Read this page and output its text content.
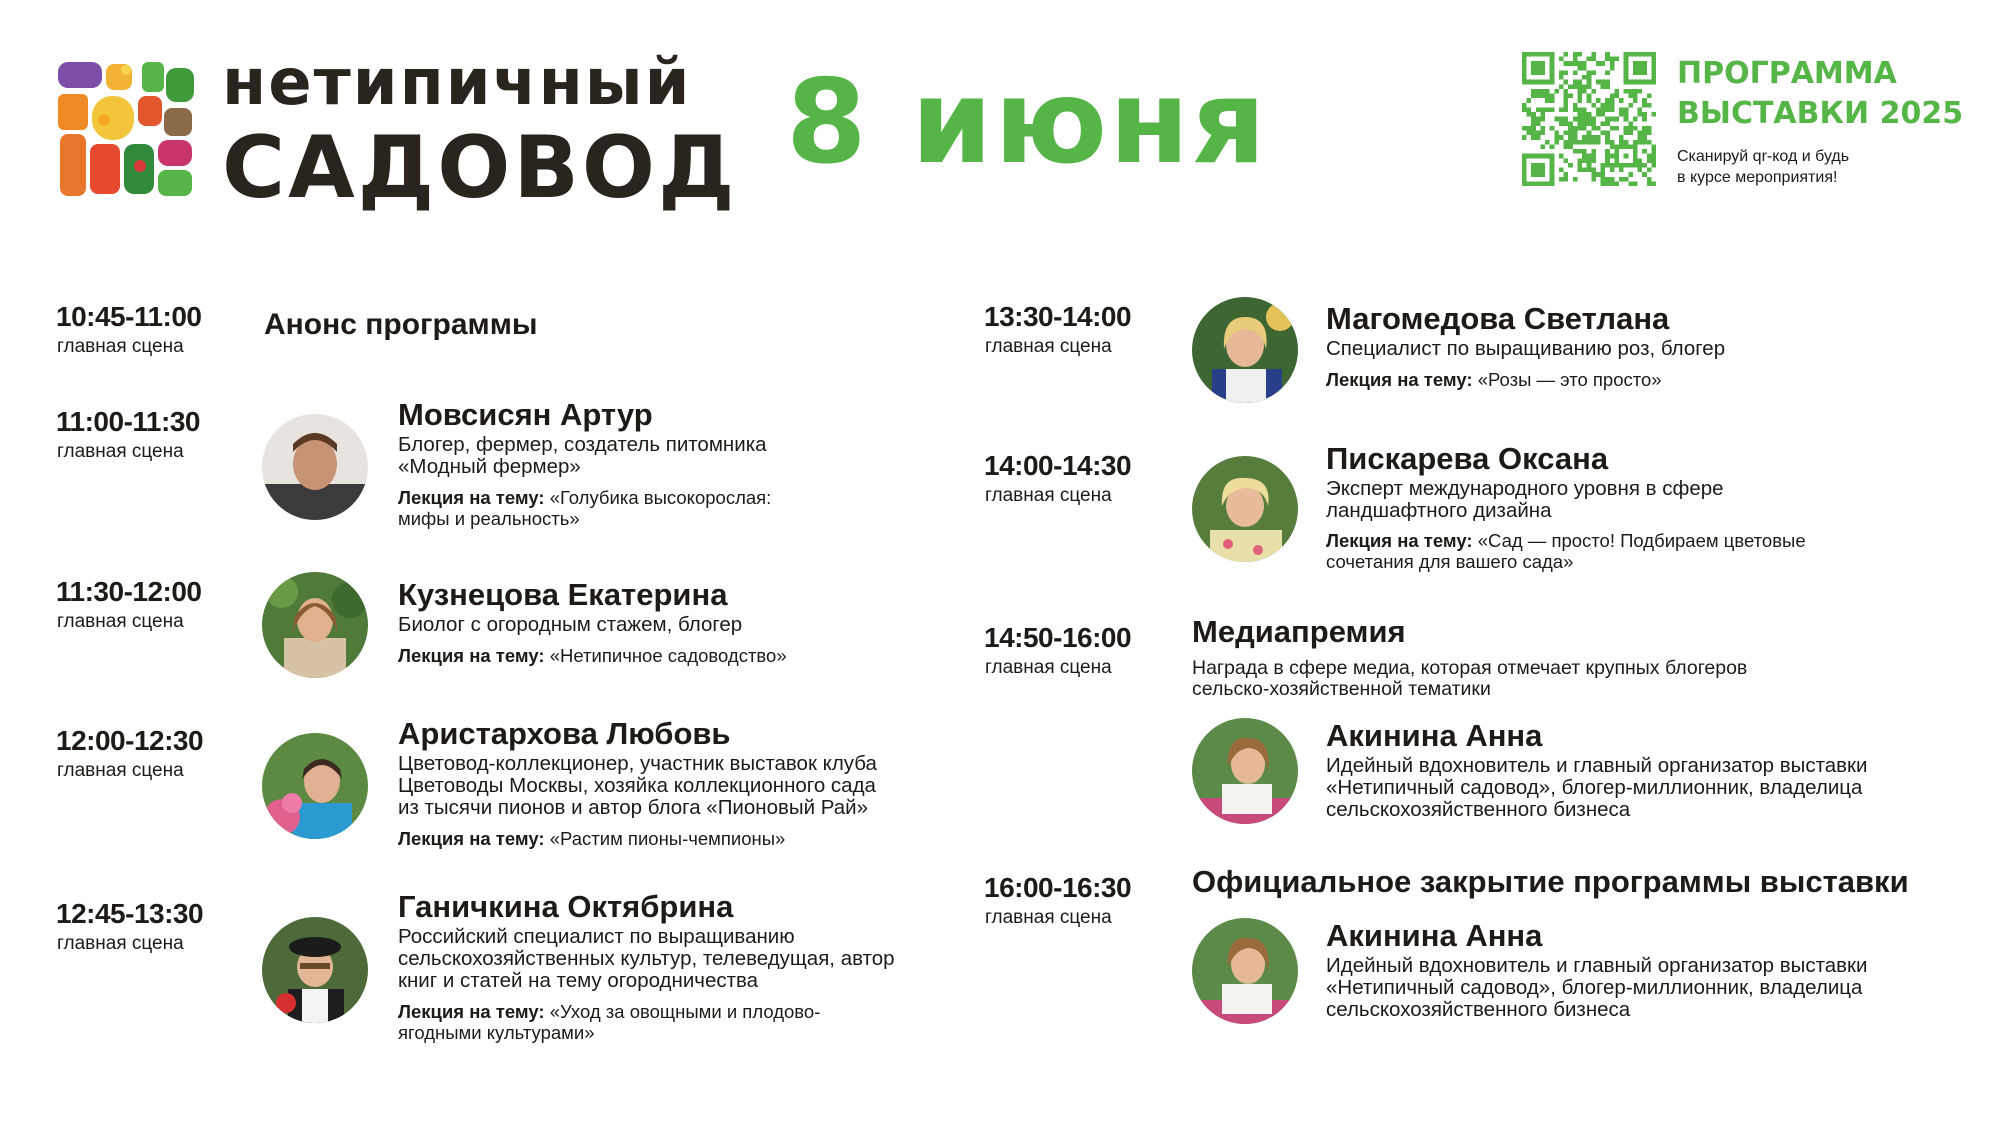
нетипичный
САДОВОД 8 июня	ПРОГРАММА
ВЫСТАВКИ 2025
Сканируй qr-код и будь
в курсе мероприятия!
10:45-11:00
главная сцена
Анонс программы
11:00-11:30
главная сцена
Мовсисян Артур
Блогер, фермер, создатель питомника
«Модный фермер»
Лекция на тему: «Голубика высокорослая:
мифы и реальность»
11:30-12:00
главная сцена
Кузнецова Екатерина
Биолог с огородным стажем, блогер
Лекция на тему: «Нетипичное садоводство»
12:00-12:30
главная сцена
Аристархова Любовь
Цветовод-коллекционер, участник выставок клуба
Цветоводы Москвы, хозяйка коллекционного сада
из тысячи пионов и автор блога «Пионовый Рай»
Лекция на тему: «Растим пионы-чемпионы»
12:45-13:30
главная сцена
Ганичкина Октябрина
Российский специалист по выращиванию
сельскохозяйственных культур, телеведущая, автор
книг и статей на тему огородничества
Лекция на тему: «Уход за овощными и плодово-
ягодными культурами»
13:30-14:00
главная сцена
Магомедова Светлана
Специалист по выращиванию роз, блогер
Лекция на тему: «Розы — это просто»
14:00-14:30
главная сцена
Пискарева Оксана
Эксперт международного уровня в сфере
ландшафтного дизайна
Лекция на тему: «Сад — просто! Подбираем цветовые
сочетания для вашего сада»
14:50-16:00
главная сцена
Медиапремия
Награда в сфере медиа, которая отмечает крупных блогеров
сельско-хозяйственной тематики
Акинина Анна
Идейный вдохновитель и главный организатор выставки
«Нетипичный садовод», блогер-миллионник, владелица
сельскохозяйственного бизнеса
16:00-16:30
главная сцена
Официальное закрытие программы выставки
Акинина Анна
Идейный вдохновитель и главный организатор выставки
«Нетипичный садовод», блогер-миллионник, владелица
сельскохозяйственного бизнеса
